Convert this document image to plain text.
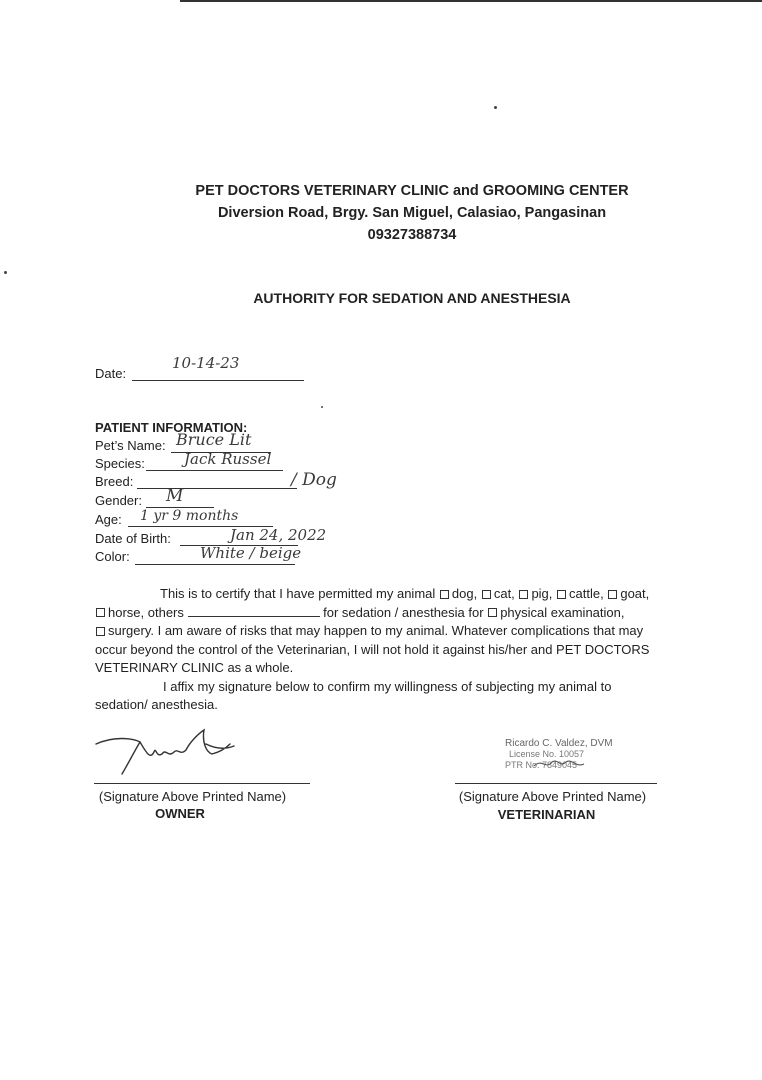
PET DOCTORS VETERINARY CLINIC and GROOMING CENTER
Diversion Road, Brgy. San Miguel, Calasiao, Pangasinan
09327388734
AUTHORITY FOR SEDATION AND ANESTHESIA
Date:
10-14-23
PATIENT INFORMATION:
Pet’s Name: Bruce Lit
Species:	Jack Russel
Breed:	/ Dog
Gender: M
Age: 1 yr 9 months
Date of Birth:	Jan 24, 2022
Color:	White / beige
This is to certify that I have permitted my animal dog, cat, pig, cattle, goat,
horse, others	for sedation / anesthesia for physical examination,
surgery. I am aware of risks that may happen to my animal. Whatever complications that may
occur beyond the control of the Veterinarian, I will not hold it against his/her and PET DOCTORS
VETERINARY CLINIC as a whole.
I affix my signature below to confirm my willingness of subjecting my animal to
sedation/ anesthesia.
(Signature Above Printed Name)
OWNER
Ricardo C. Valdez, DVM
License No. 10057
PTR No. 7849045
(Signature Above Printed Name)
VETERINARIAN
